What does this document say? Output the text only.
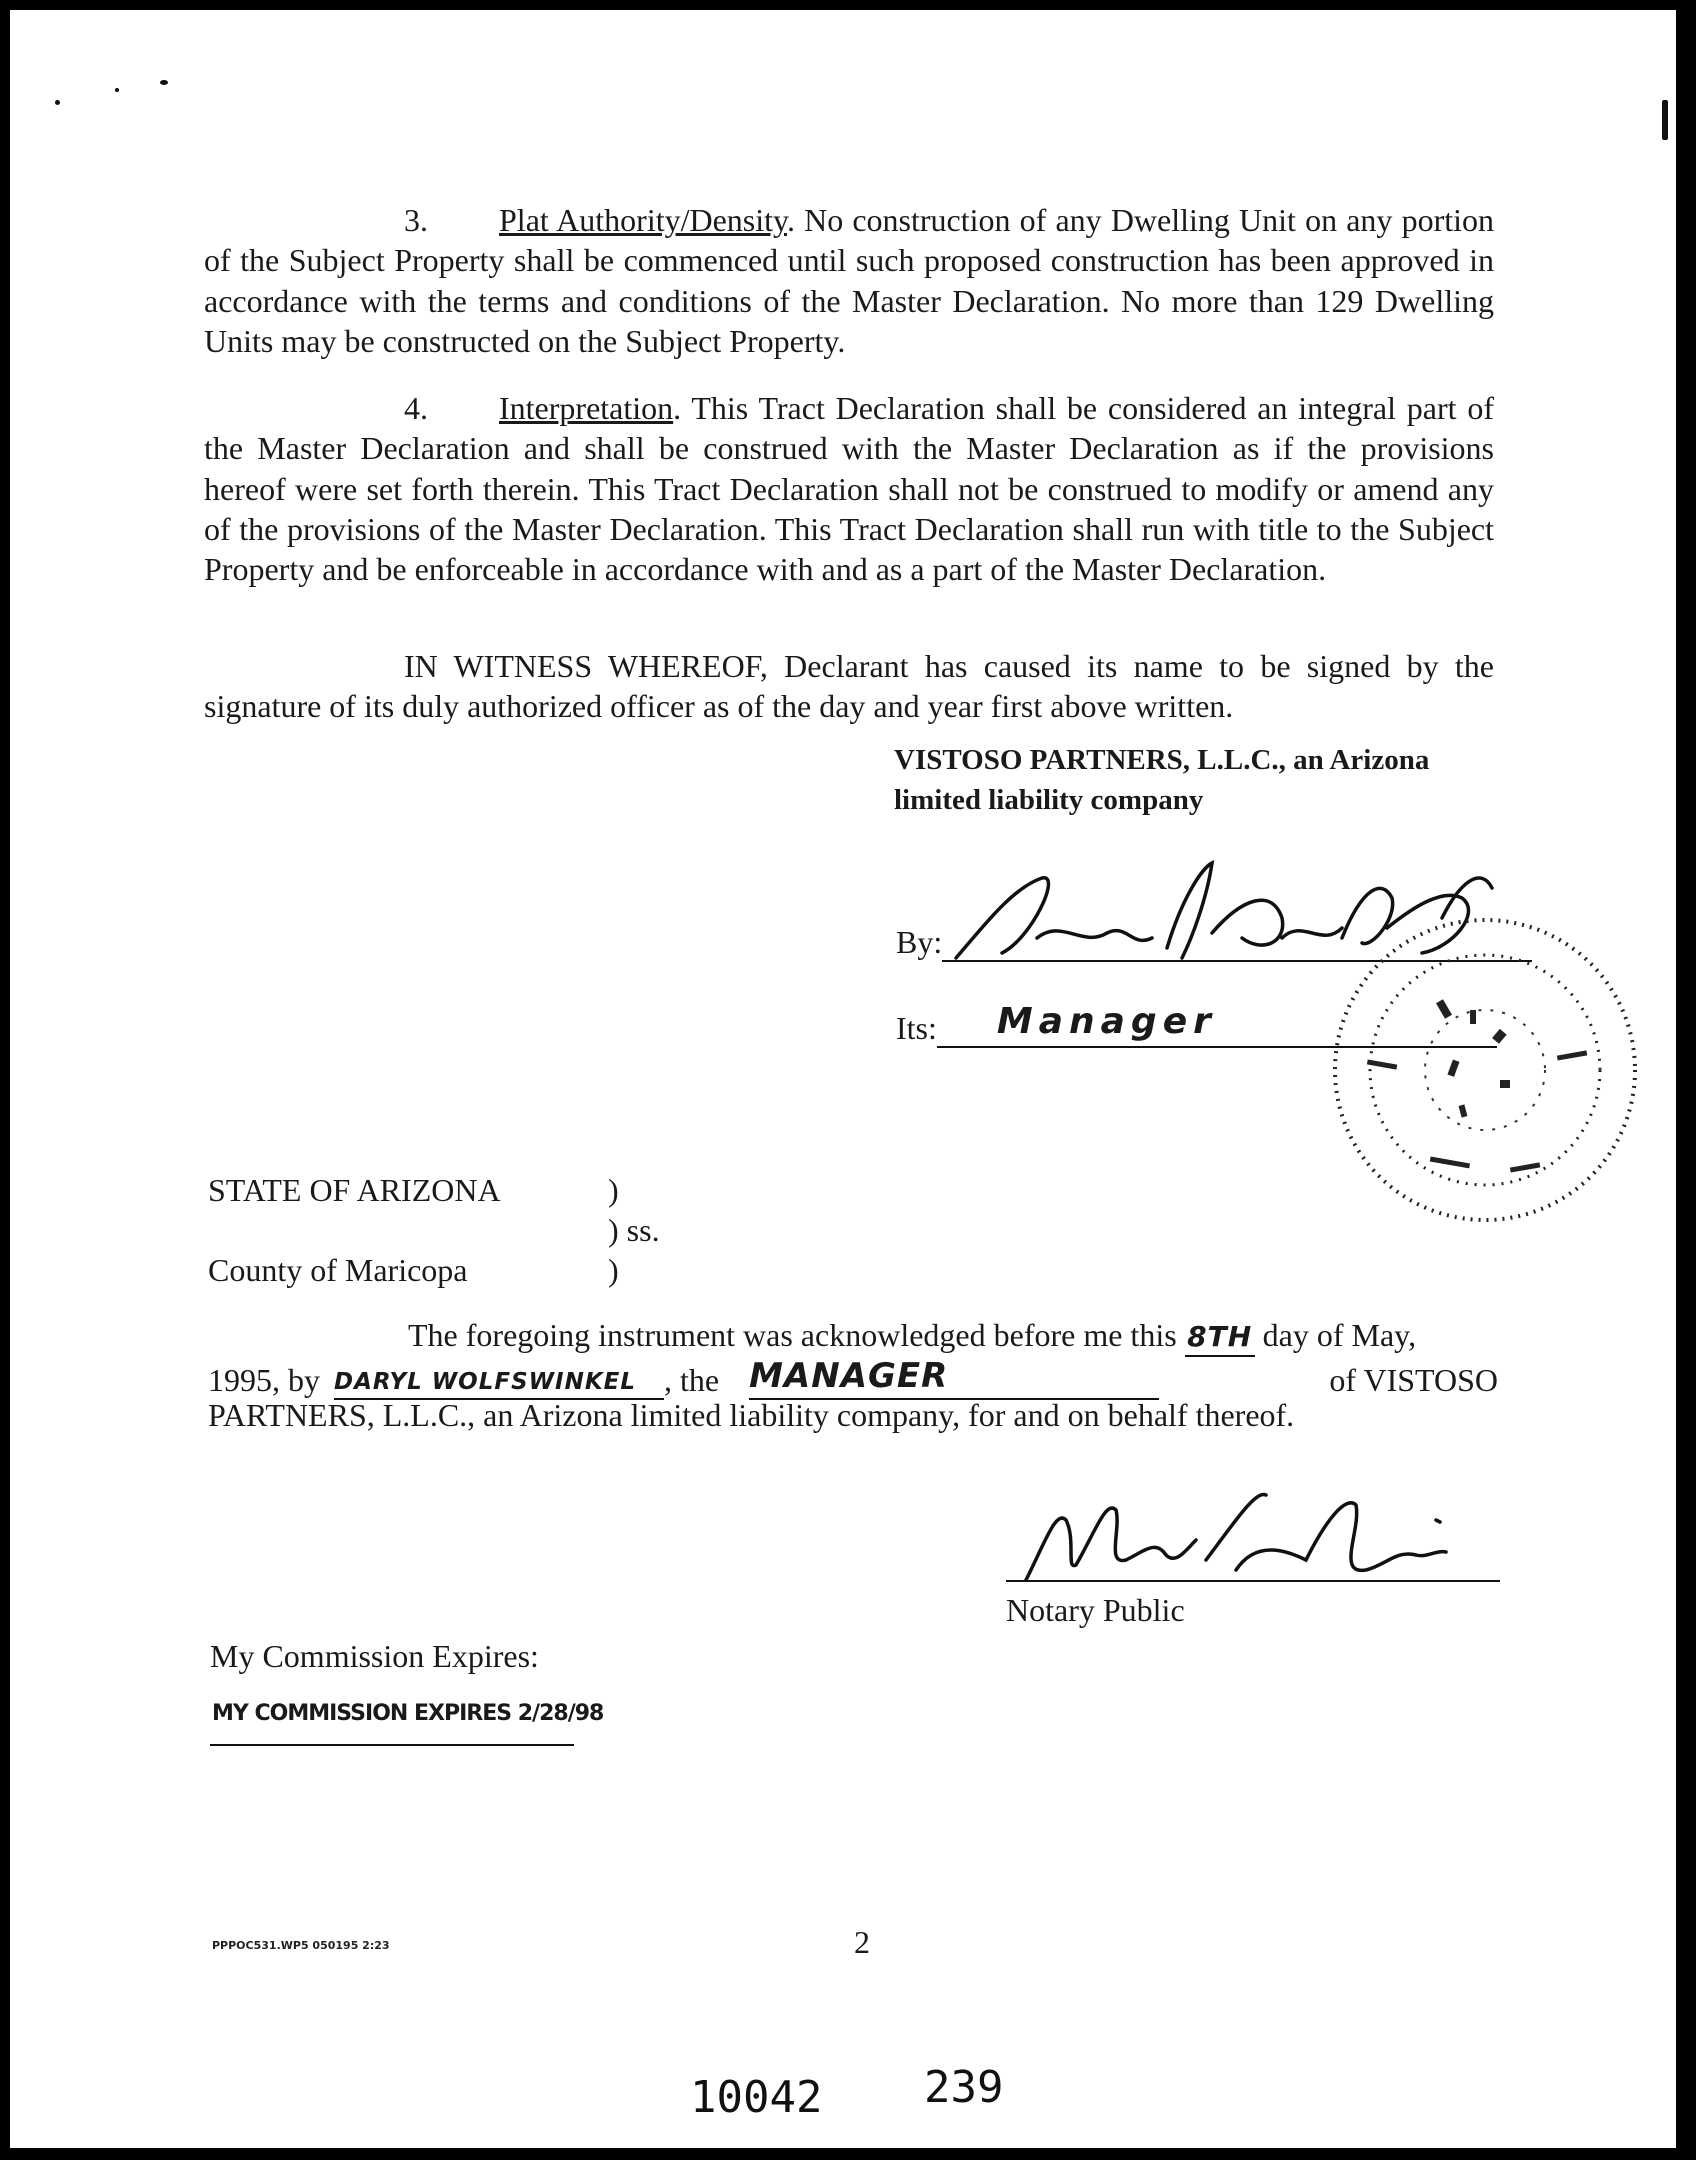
3. Plat Authority/Density. No construction of any Dwelling Unit on any portion of the Subject Property shall be commenced until such proposed construction has been approved in accordance with the terms and conditions of the Master Declaration. No more than 129 Dwelling Units may be constructed on the Subject Property.

4. Interpretation. This Tract Declaration shall be considered an integral part of the Master Declaration and shall be construed with the Master Declaration as if the provisions hereof were set forth therein. This Tract Declaration shall not be construed to modify or amend any of the provisions of the Master Declaration. This Tract Declaration shall run with title to the Subject Property and be enforceable in accordance with and as a part of the Master Declaration.

IN WITNESS WHEREOF, Declarant has caused its name to be signed by the signature of its duly authorized officer as of the day and year first above written.

VISTOSO PARTNERS, L.L.C., an Arizona
limited liability company
By:
Its: Manager
STATE OF ARIZONA	)
) ss.
County of Maricopa	)
The foregoing instrument was acknowledged before me this 8TH day of May,
1995, by DARYL WOLFSWINKEL , the MANAGER	of VISTOSO
PARTNERS, L.L.C., an Arizona limited liability company, for and on behalf thereof.
Notary Public
My Commission Expires:
MY COMMISSION EXPIRES 2/28/98
PPPOC531.WP5 050195 2:23	2
10042 239
